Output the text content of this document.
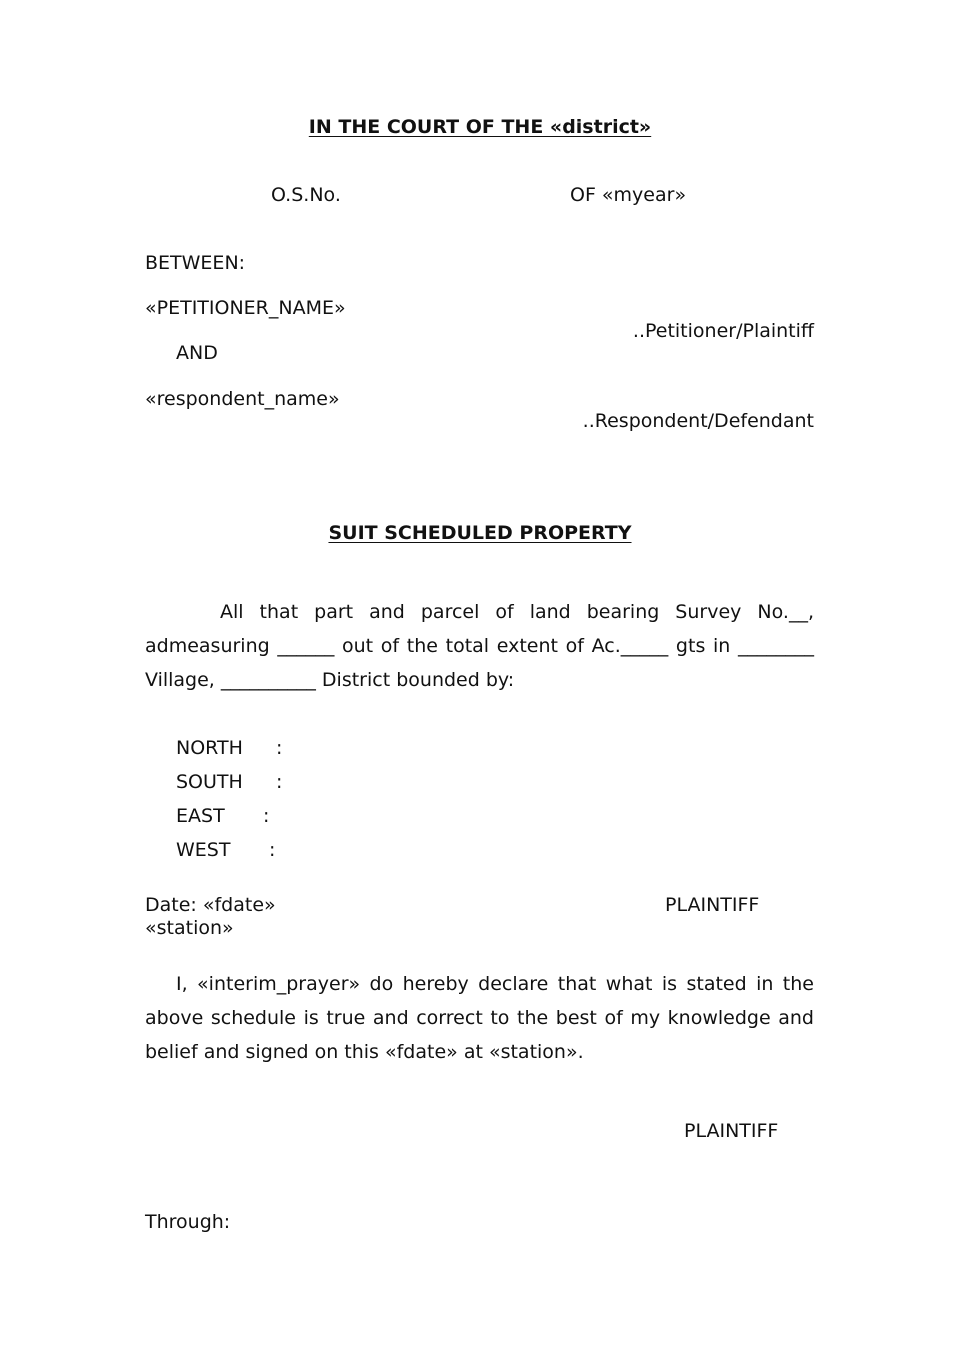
IN THE COURT OF THE «district»
O.S.No.	OF «myear»
BETWEEN:
«PETITIONER_NAME»
..Petitioner/Plaintiff
AND
«respondent_name»
..Respondent/Defendant
SUIT SCHEDULED PROPERTY
All that part and parcel of land bearing Survey No.__, admeasuring ______ out of the total extent of Ac._____ gts in ________ Village, __________ District bounded by:
NORTH :
SOUTH :
EAST :
WEST :
Date: «fdate»	PLAINTIFF
«station»
I, «interim_prayer» do hereby declare that what is stated in the above schedule is true and correct to the best of my knowledge and belief and signed on this «fdate» at «station».
PLAINTIFF
Through:
